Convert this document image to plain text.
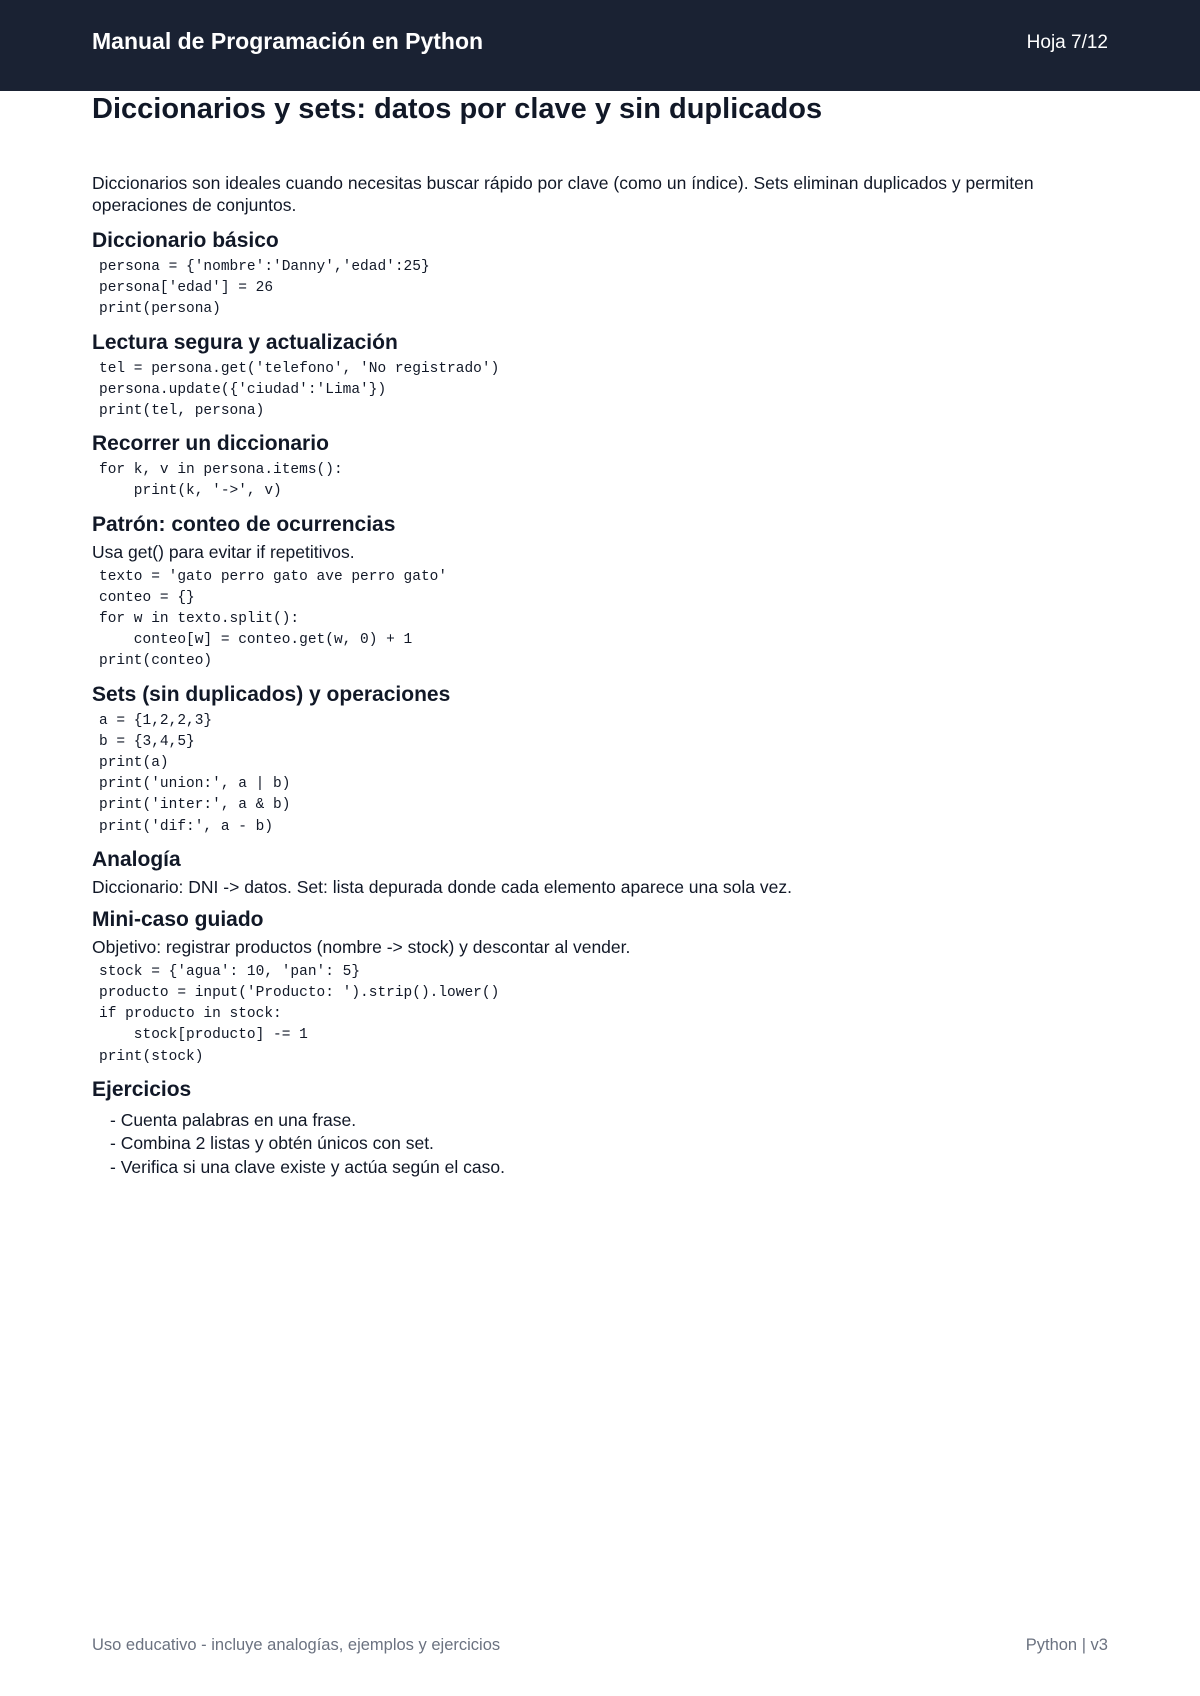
Manual de Programación en Python	Hoja 7/12
Diccionarios y sets: datos por clave y sin duplicados
Diccionarios son ideales cuando necesitas buscar rápido por clave (como un índice). Sets eliminan duplicados y permiten operaciones de conjuntos.
Diccionario básico
persona = {'nombre':'Danny','edad':25}
persona['edad'] = 26
print(persona)
Lectura segura y actualización
tel = persona.get('telefono', 'No registrado')
persona.update({'ciudad':'Lima'})
print(tel, persona)
Recorrer un diccionario
for k, v in persona.items():
print(k, '->', v)
Patrón: conteo de ocurrencias
Usa get() para evitar if repetitivos.
texto = 'gato perro gato ave perro gato'
conteo = {}
for w in texto.split():
conteo[w] = conteo.get(w, 0) + 1
print(conteo)
Sets (sin duplicados) y operaciones
a = {1,2,2,3}
b = {3,4,5}
print(a)
print('union:', a | b)
print('inter:', a & b)
print('dif:', a - b)
Analogía
Diccionario: DNI -> datos. Set: lista depurada donde cada elemento aparece una sola vez.
Mini-caso guiado
Objetivo: registrar productos (nombre -> stock) y descontar al vender.
stock = {'agua': 10, 'pan': 5}
producto = input('Producto: ').strip().lower()
if producto in stock:
stock[producto] -= 1
print(stock)
Ejercicios
- Cuenta palabras en una frase.
- Combina 2 listas y obtén únicos con set.
- Verifica si una clave existe y actúa según el caso.
Uso educativo - incluye analogías, ejemplos y ejercicios	Python | v3
